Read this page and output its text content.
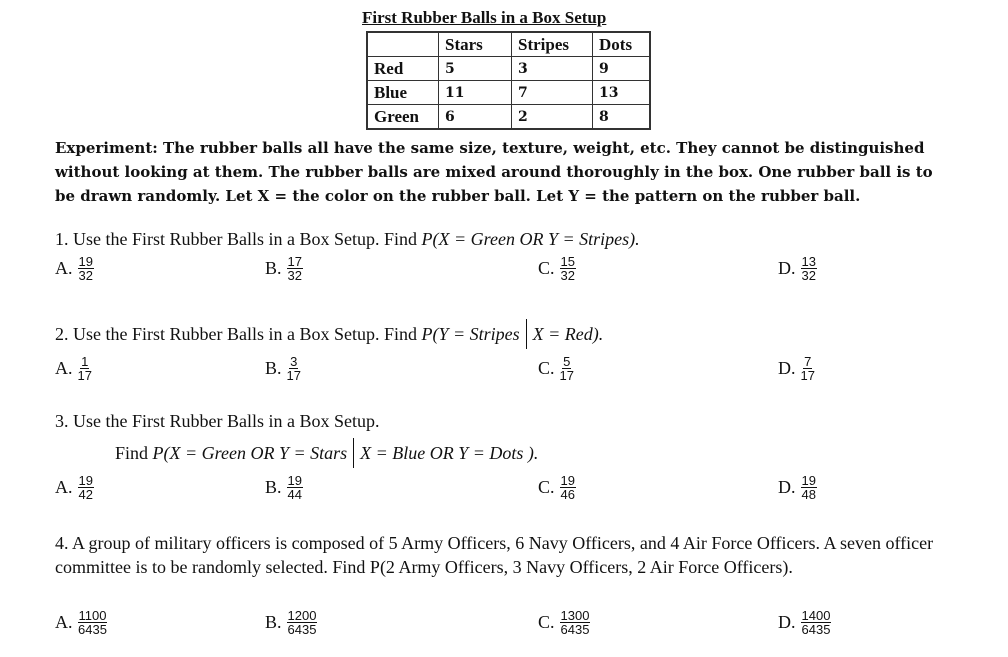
First Rubber Balls in a Box Setup
	Stars	Stripes	Dots
Red	5	3	9
Blue	11	7	13
Green	6	2	8
Experiment: The rubber balls all have the same size, texture, weight, etc. They cannot be distinguished without looking at them. The rubber balls are mixed around thoroughly in the box. One rubber ball is to be drawn randomly. Let X = the color on the rubber ball. Let Y = the pattern on the rubber ball.
1. Use the First Rubber Balls in a Box Setup. Find P(X = Green OR Y = Stripes).
2. Use the First Rubber Balls in a Box Setup. Find
P(Y = Stripes X = Red).
3. Use the First Rubber Balls in a Box Setup.
Find
P(X = Green OR Y = Stars X = Blue OR Y = Dots ).
4. A group of military officers is composed of 5 Army Officers, 6 Navy Officers, and 4 Air Force Officers. A seven officer committee is to be randomly selected. Find P(2 Army Officers, 3 Navy Officers, 2 Air Force Officers).
A. $\frac{19}{32}$	B. $\frac{17}{32}$	C. $\frac{15}{32}$	D. $\frac{13}{32}$
A. $\frac{1}{17}$	B. $\frac{3}{17}$	C. $\frac{5}{17}$	D. $\frac{7}{17}$
A. $\frac{19}{42}$	B. $\frac{19}{44}$	C. $\frac{19}{46}$	D. $\frac{19}{48}$
A. $\frac{1100}{6435}$	B. $\frac{1200}{6435}$	C. $\frac{1300}{6435}$	D. $\frac{1400}{6435}$
